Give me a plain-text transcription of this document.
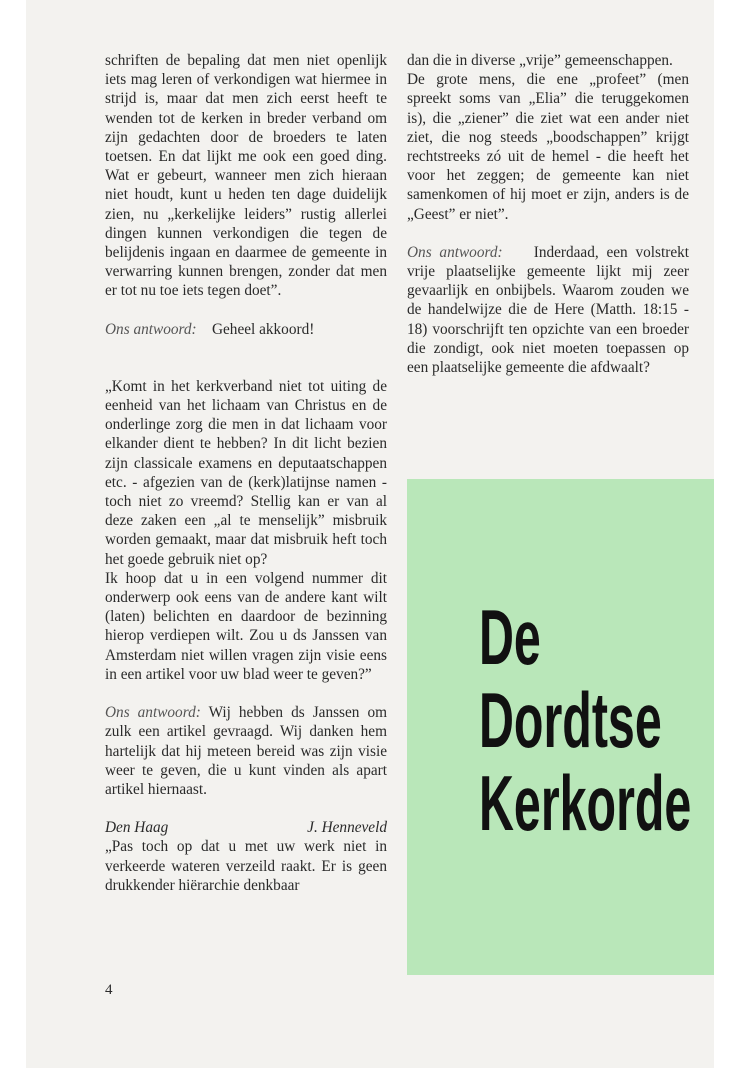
schriften de bepaling dat men niet openlijk iets mag leren of verkondigen wat hiermee in strijd is, maar dat men zich eerst heeft te wenden tot de kerken in breder verband om zijn gedachten door de broeders te laten toetsen. En dat lijkt me ook een goed ding. Wat er gebeurt, wanneer men zich hieraan niet houdt, kunt u heden ten dage duidelijk zien, nu „kerkelijke leiders” rustig allerlei dingen kunnen verkondigen die tegen de belijdenis ingaan en daarmee de gemeente in verwarring kunnen brengen, zonder dat men er tot nu toe iets tegen doet”.

Ons antwoord: Geheel akkoord!

„Komt in het kerkverband niet tot uiting de eenheid van het lichaam van Christus en de onderlinge zorg die men in dat lichaam voor elkander dient te hebben? In dit licht bezien zijn classicale examens en deputaatschappen etc. - afgezien van de (kerk)latijnse namen - toch niet zo vreemd? Stellig kan er van al deze zaken een „al te menselijk” misbruik worden gemaakt, maar dat misbruik heft toch het goede gebruik niet op?

Ik hoop dat u in een volgend nummer dit onderwerp ook eens van de andere kant wilt (laten) belichten en daardoor de bezinning hierop verdiepen wilt. Zou u ds Janssen van Amsterdam niet willen vragen zijn visie eens in een artikel voor uw blad weer te geven?”

Ons antwoord: Wij hebben ds Janssen om zulk een artikel gevraagd. Wij danken hem hartelijk dat hij meteen bereid was zijn visie weer te geven, die u kunt vinden als apart artikel hiernaast.

Den Haag	J. Henneveld

„Pas toch op dat u met uw werk niet in verkeerde wateren verzeild raakt. Er is geen drukkender hiërarchie denkbaar

4

dan die in diverse „vrije” gemeenschappen.

De grote mens, die ene „profeet” (men spreekt soms van „Elia” die teruggekomen is), die „ziener” die ziet wat een ander niet ziet, die nog steeds „boodschappen” krijgt rechtstreeks zó uit de hemel - die heeft het voor het zeggen; de gemeente kan niet samenkomen of hij moet er zijn, anders is de „Geest” er niet”.

Ons antwoord: Inderdaad, een volstrekt vrije plaatselijke gemeente lijkt mij zeer gevaarlijk en onbijbels. Waarom zouden we de handelwijze die de Here (Matth. 18:15 - 18) voorschrijft ten opzichte van een broeder die zondigt, ook niet moeten toepassen op een plaatselijke gemeente die afdwaalt?

De
Dordtse
Kerkorde
